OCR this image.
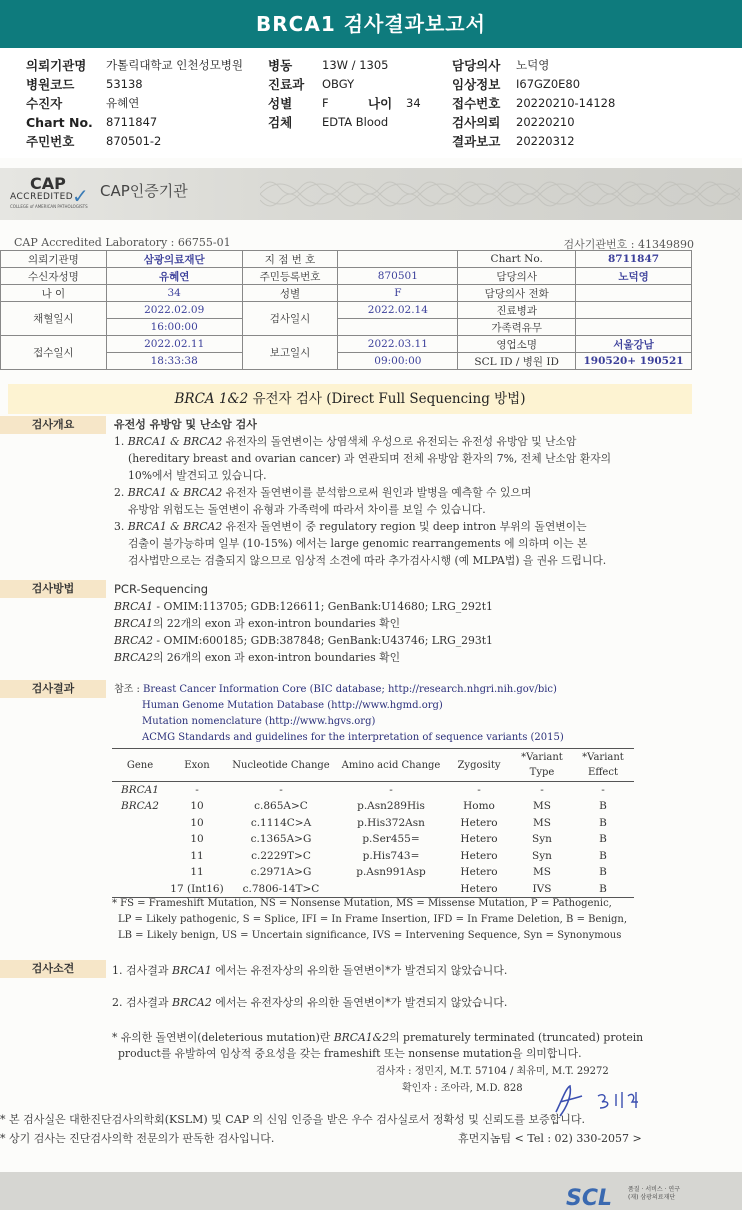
BRCA1 검사결과보고서
의뢰기관명 가톨릭대학교 인천성모병원 병동	13W / 1305	담당의사 노덕영
병원코드	53138	진료과 OBGY	임상정보 I67GZ0E80
수진자	유혜연	성별	F	나이 34	접수번호 20220210-14128
Chart No. 8711847	검체	EDTA Blood	검사의뢰 20220210
주민번호	870501-2	결과보고 20220312
CAP
ACCREDITED
✓
COLLEGE of AMERICAN PATHOLOGISTS
CAP인증기관
CAP Accredited Laboratory : 66755-01	검사기관번호 : 41349890
의뢰기관명	삼광의료재단	지 점 번 호		Chart No.	8711847
수신자성명	유혜연	주민등록번호	870501	담당의사	노덕영
나 이	34	성별	F	담당의사 전화	
채혈일시	2022.02.09	검사일시	2022.02.14	진료병과	
	16:00:00			가족력유무	
접수일시	2022.02.11	보고일시	2022.03.11	영업소명	서울강남
	18:33:38		09:00:00	SCL ID / 병원 ID	190520+ 190521
BRCA 1&2 유전자 검사 (Direct Full Sequencing 방법)
검사개요	유전성 유방암 및 난소암 검사
1. BRCA1 & BRCA2 유전자의 돌연변이는 상염색체 우성으로 유전되는 유전성 유방암 및 난소암
(hereditary breast and ovarian cancer) 과 연관되며 전체 유방암 환자의 7%, 전체 난소암 환자의
10%에서 발견되고 있습니다.
2. BRCA1 & BRCA2 유전자 돌연변이를 분석함으로써 원인과 발병을 예측할 수 있으며
유방암 위험도는 돌연변이 유형과 가족력에 따라서 차이를 보일 수 있습니다.
3. BRCA1 & BRCA2 유전자 돌연변이 중 regulatory region 및 deep intron 부위의 돌연변이는
검출이 불가능하며 일부 (10-15%) 에서는 large genomic rearrangements 에 의하며 이는 본
검사법만으로는 검출되지 않으므로 임상적 소견에 따라 추가검사시행 (예 MLPA법) 을 권유 드립니다.
검사방법	PCR-Sequencing
BRCA1 - OMIM:113705; GDB:126611; GenBank:U14680; LRG_292t1
BRCA1의 22개의 exon 과 exon-intron boundaries 확인
BRCA2 - OMIM:600185; GDB:387848; GenBank:U43746; LRG_293t1
BRCA2의 26개의 exon 과 exon-intron boundaries 확인
검사결과	참조 : Breast Cancer Information Core (BIC database; http://research.nhgri.nih.gov/bic)
Human Genome Mutation Database (http://www.hgmd.org)
Mutation nomenclature (http://www.hgvs.org)
ACMG Standards and guidelines for the interpretation of sequence variants (2015)
Gene	Exon	Nucleotide Change	Amino acid Change	Zygosity	*Variant Type	*Variant Effect
BRCA1	-	-	-	-	-	-
BRCA2	10	c.865A>C	p.Asn289His	Homo	MS	B
	10	c.1114C>A	p.His372Asn	Hetero	MS	B
	10	c.1365A>G	p.Ser455=	Hetero	Syn	B
	11	c.2229T>C	p.His743=	Hetero	Syn	B
	11	c.2971A>G	p.Asn991Asp	Hetero	MS	B
	17 (Int16)	c.7806-14T>C		Hetero	IVS	B
* FS = Frameshift Mutation, NS = Nonsense Mutation, MS = Missense Mutation, P = Pathogenic,
LP = Likely pathogenic, S = Splice, IFI = In Frame Insertion, IFD = In Frame Deletion, B = Benign,
LB = Likely benign, US = Uncertain significance, IVS = Intervening Sequence, Syn = Synonymous
검사소견	1. 검사결과 BRCA1 에서는 유전자상의 유의한 돌연변이*가 발견되지 않았습니다.
2. 검사결과 BRCA2 에서는 유전자상의 유의한 돌연변이*가 발견되지 않았습니다.
* 유의한 돌연변이(deleterious mutation)란 BRCA1&2의 prematurely terminated (truncated) protein
product를 유발하여 임상적 중요성을 갖는 frameshift 또는 nonsense mutation을 의미합니다.
검사자 : 정민지, M.T. 57104 / 최유미, M.T. 29272
확인자 : 조아라, M.D. 828
* 본 검사실은 대한진단검사의학회(KSLM) 및 CAP 의 신임 인증을 받은 우수 검사실로서 정확성 및 신뢰도를 보증합니다.
* 상기 검사는 진단검사의학 전문의가 판독한 검사입니다.	휴먼지놈팀 < Tel : 02) 330-2057 >
SCL	품질 · 서비스 · 연구
(재) 삼광의료재단
